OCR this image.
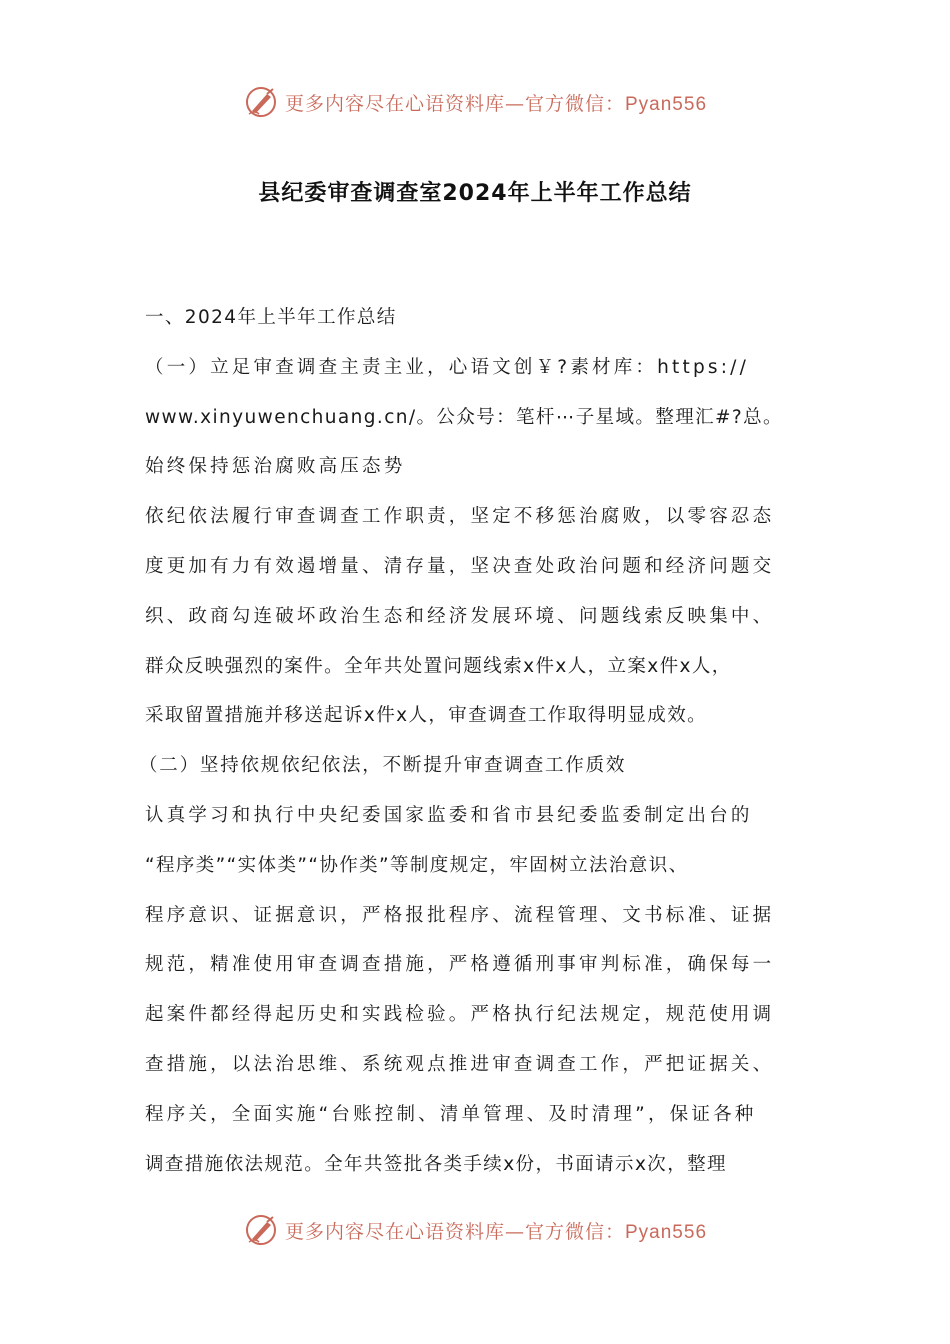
更多内容尽在心语资料库—官方微信：Pyan556
县纪委审查调查室2024年上半年工作总结

一、2024年上半年工作总结

（一）立足审查调查主责主业，心语文创￥?素材库：https://

www.xinyuwenchuang.cn/。公众号：笔杆⋯子星域。整理汇#?总。

始终保持惩治腐败高压态势

依纪依法履行审查调查工作职责，坚定不移惩治腐败，以零容忍态

度更加有力有效遏增量、清存量，坚决查处政治问题和经济问题交

织、政商勾连破坏政治生态和经济发展环境、问题线索反映集中、

群众反映强烈的案件。全年共处置问题线索x件x人，立案x件x人，

采取留置措施并移送起诉x件x人，审查调查工作取得明显成效。

（二）坚持依规依纪依法，不断提升审查调查工作质效

认真学习和执行中央纪委国家监委和省市县纪委监委制定出台的

“程序类”“实体类”“协作类”等制度规定，牢固树立法治意识、

程序意识、证据意识，严格报批程序、流程管理、文书标准、证据

规范，精准使用审查调查措施，严格遵循刑事审判标准，确保每一

起案件都经得起历史和实践检验。严格执行纪法规定，规范使用调

查措施，以法治思维、系统观点推进审查调查工作，严把证据关、

程序关，全面实施“台账控制、清单管理、及时清理”，保证各种

调查措施依法规范。全年共签批各类手续x份，书面请示x次，整理

更多内容尽在心语资料库—官方微信：Pyan556
